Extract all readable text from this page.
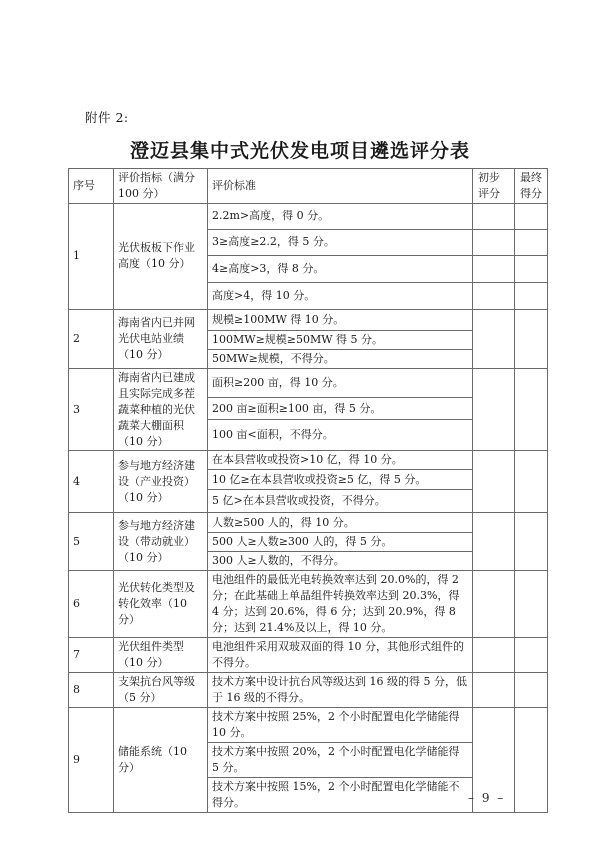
附件 2:
澄迈县集中式光伏发电项目遴选评分表
序号	评价指标（满分 100 分）	评价标准	初步评分	最终得分
1	光伏板板下作业高度（10 分）	2.2m>高度，得 0 分。		
		3≥高度≥2.2，得 5 分。		
		4≥高度>3，得 8 分。		
		高度>4，得 10 分。		
2	海南省内已并网光伏电站业绩（10 分）	规模≥100MW 得 10 分。		
		100MW≥规模≥50MW 得 5 分。		
		50MW≥规模，不得分。		
3	海南省内已建成且实际完成多茬蔬菜种植的光伏蔬菜大棚面积（10 分）	面积≥200 亩，得 10 分。		
		200 亩≥面积≥100 亩，得 5 分。		
		100 亩<面积，不得分。		
4	参与地方经济建设（产业投资）（10 分）	在本县营收或投资>10 亿，得 10 分。		
		10 亿≥在本县营收或投资≥5 亿，得 5 分。		
		5 亿>在本县营收或投资，不得分。		
5	参与地方经济建设（带动就业）（10 分）	人数≥500 人的，得 10 分。		
		500 人≥人数≥300 人的，得 5 分。		
		300 人≥人数的，不得分。		
6	光伏转化类型及转化效率（10 分）	电池组件的最低光电转换效率达到 20.0%的，得 2 分；在此基础上单晶组件转换效率达到 20.3%，得 4 分；达到 20.6%，得 6 分；达到 20.9%，得 8 分；达到 21.4%及以上，得 10 分。		
7	光伏组件类型（10 分）	电池组件采用双玻双面的得 10 分，其他形式组件的不得分。		
8	支架抗台风等级（5 分）	技术方案中设计抗台风等级达到 16 级的得 5 分，低于 16 级的不得分。		
9	储能系统（10 分）	技术方案中按照 25%，2 个小时配置电化学储能得 10 分。		
		技术方案中按照 20%，2 个小时配置电化学储能得 5 分。		
		技术方案中按照 15%，2 个小时配置电化学储能不得分。			– 9 –
